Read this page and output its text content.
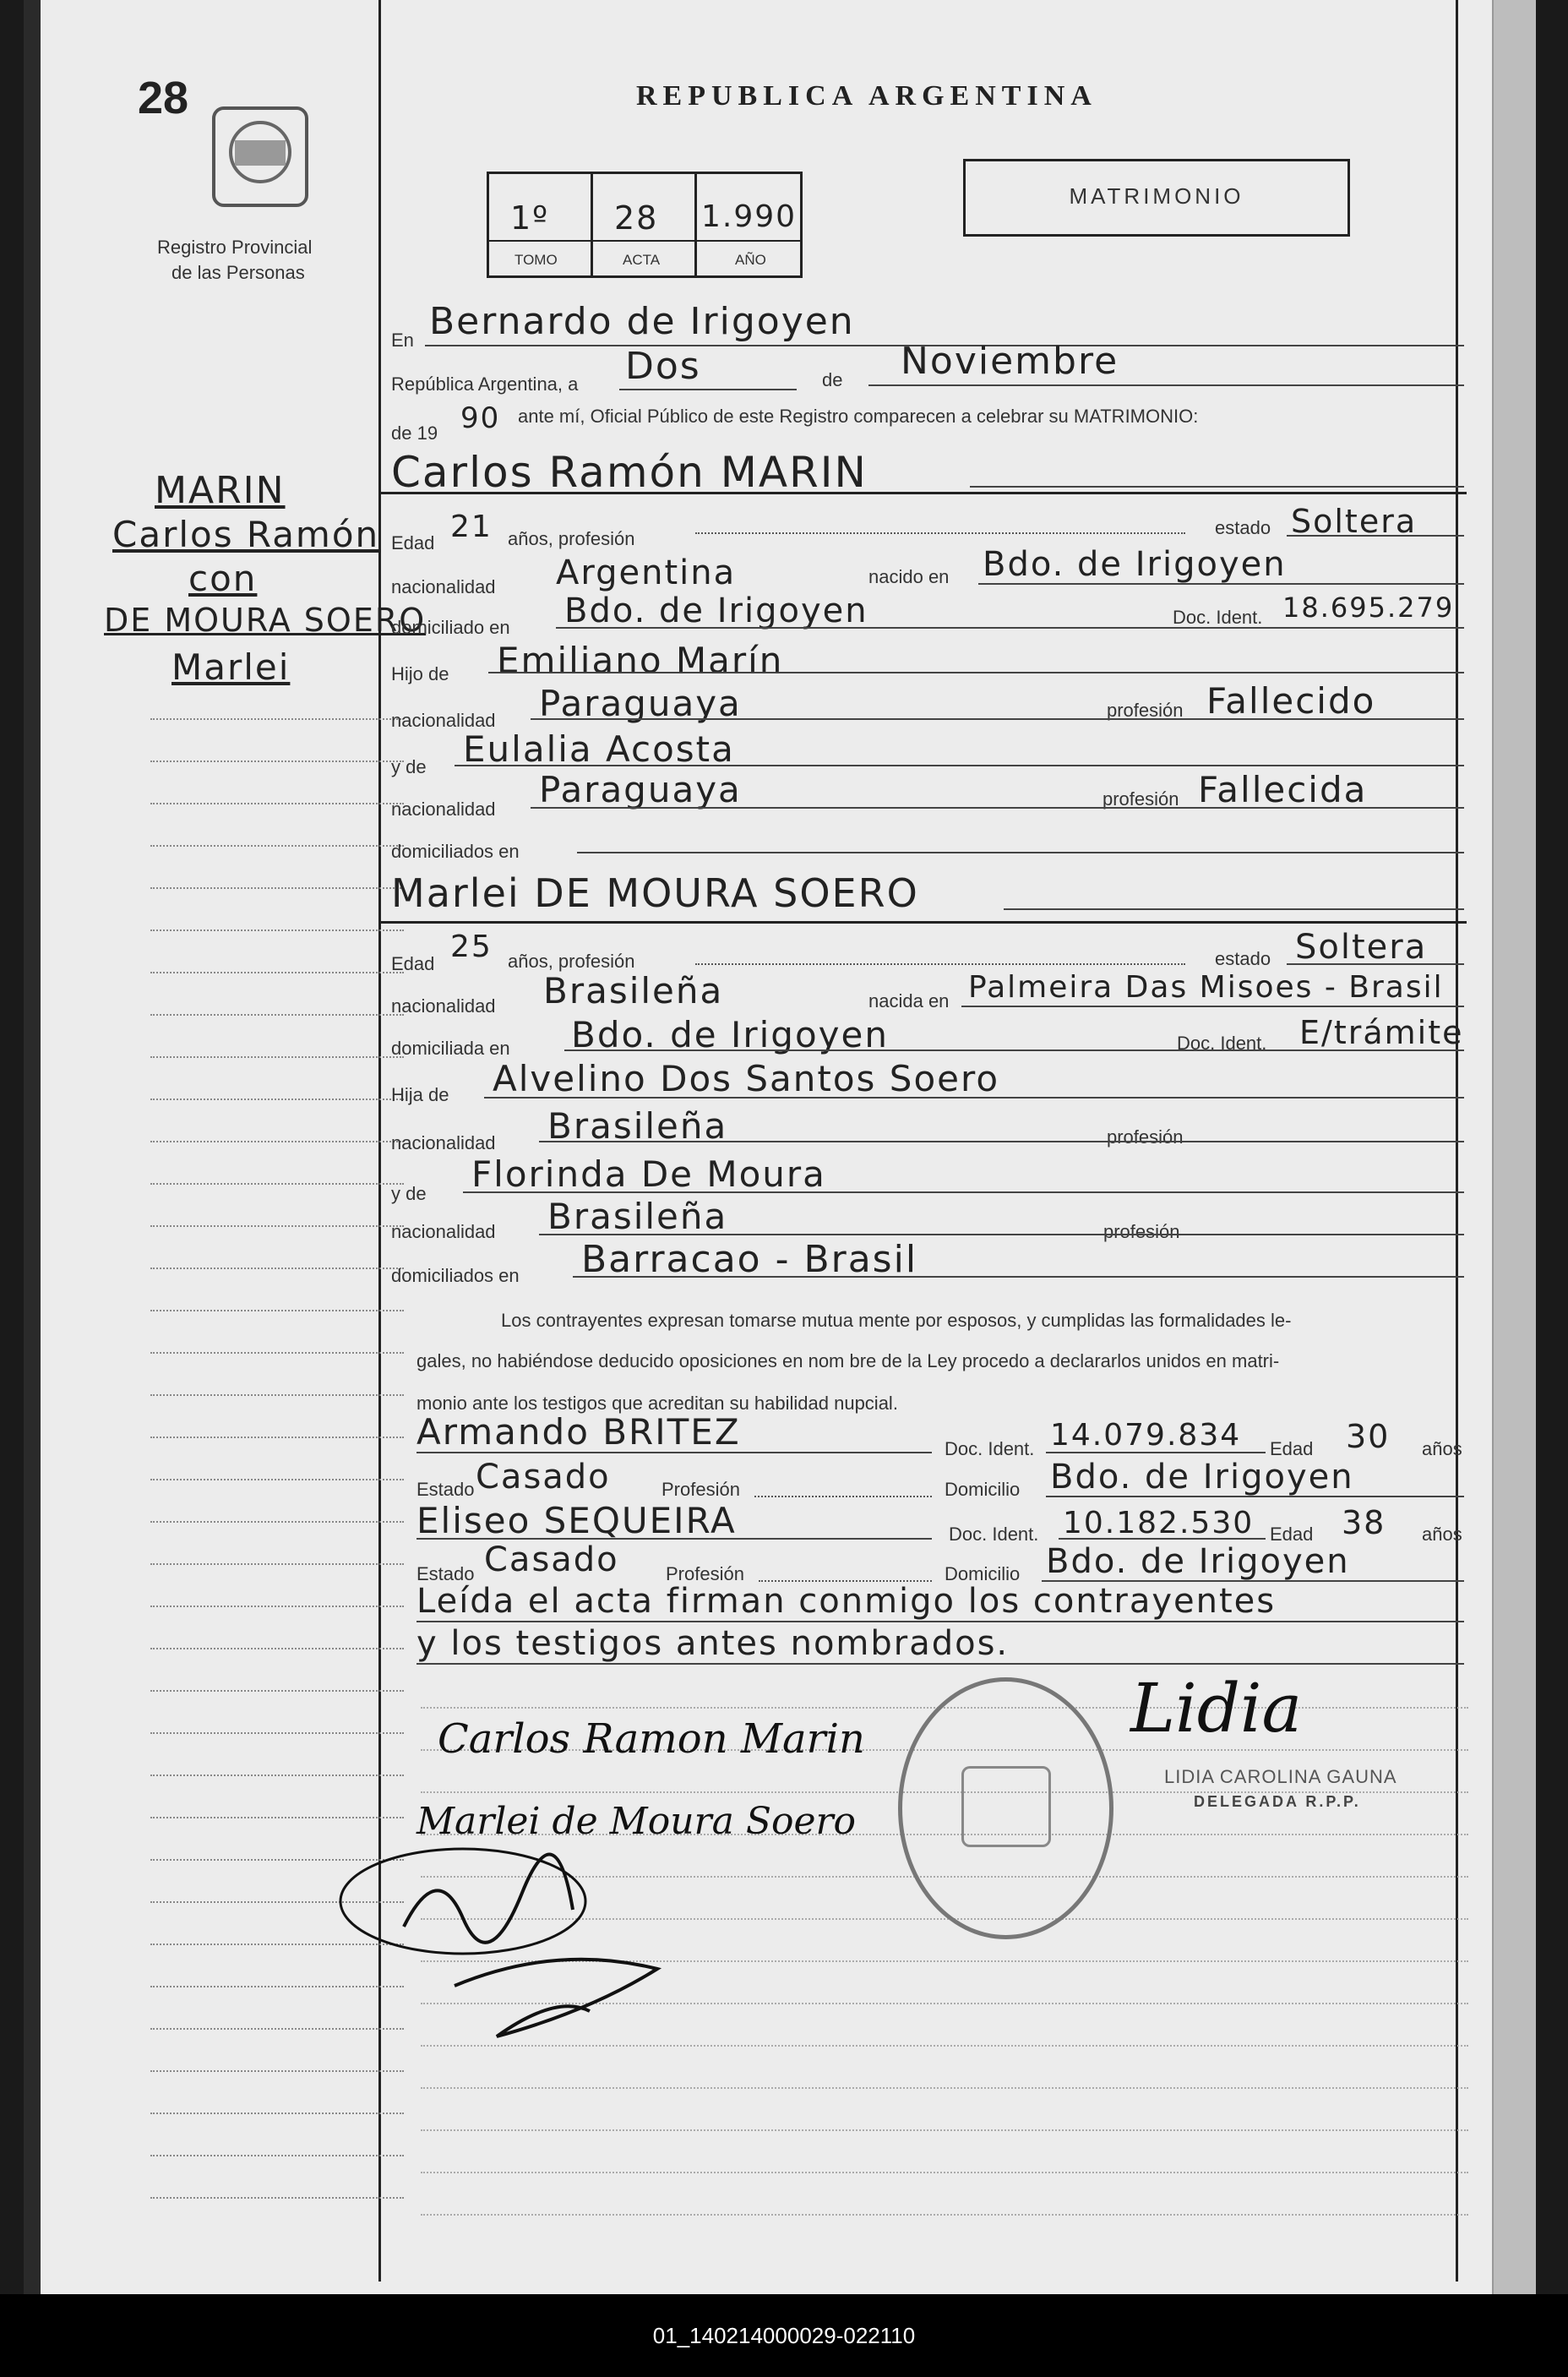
28
Registro Provincial
de las Personas
REPUBLICA ARGENTINA
MATRIMONIO
1º
TOMO
28
ACTA
1.990
AÑO
MARIN
Carlos Ramón
con
DE MOURA SOERO
Marlei
En Bernardo de Irigoyen
República Argentina, a Dos	de Noviembre
de 19 90 ante mí, Oficial Público de este Registro comparecen a celebrar su MATRIMONIO:
Carlos Ramón MARIN
Edad 21 años, profesión
estado Soltera
nacionalidad Argentina	nacido en Bdo. de Irigoyen
domiciliado en Bdo. de Irigoyen	Doc. Ident. 18.695.279
Hijo de Emiliano Marín
nacionalidad Paraguaya	profesión Fallecido
y de Eulalia Acosta
nacionalidad Paraguaya	profesión Fallecida
domiciliados en
Marlei DE MOURA SOERO
Edad 25 años, profesión	estado Soltera
nacionalidad Brasileña	nacida en Palmeira Das Misoes - Brasil
domiciliada en Bdo. de Irigoyen	Doc. Ident. E/trámite
Hija de Alvelino Dos Santos Soero
nacionalidad Brasileña	profesión
y de Florinda De Moura
nacionalidad Brasileña	profesión
domiciliados en Barracao - Brasil
Los contrayentes expresan tomarse mutua mente por esposos, y cumplidas las formalidades le-
gales, no habiéndose deducido oposiciones en nom bre de la Ley procedo a declararlos unidos en matri-
monio ante los testigos que acreditan su habilidad nupcial.
Armando BRITEZ	Doc. Ident. 14.079.834 Edad 30 años
Estado Casado	Profesión	Domicilio Bdo. de Irigoyen
Eliseo SEQUEIRA	Doc. Ident. 10.182.530 Edad 38 años
Estado Casado	Profesión	Domicilio Bdo. de Irigoyen
Leída el acta firman conmigo los contrayentes
y los testigos antes nombrados.
Carlos Ramon Marin
Marlei de Moura Soero
Lidia
LIDIA CAROLINA GAUNA
DELEGADA R.P.P.
01_140214000029-022110
